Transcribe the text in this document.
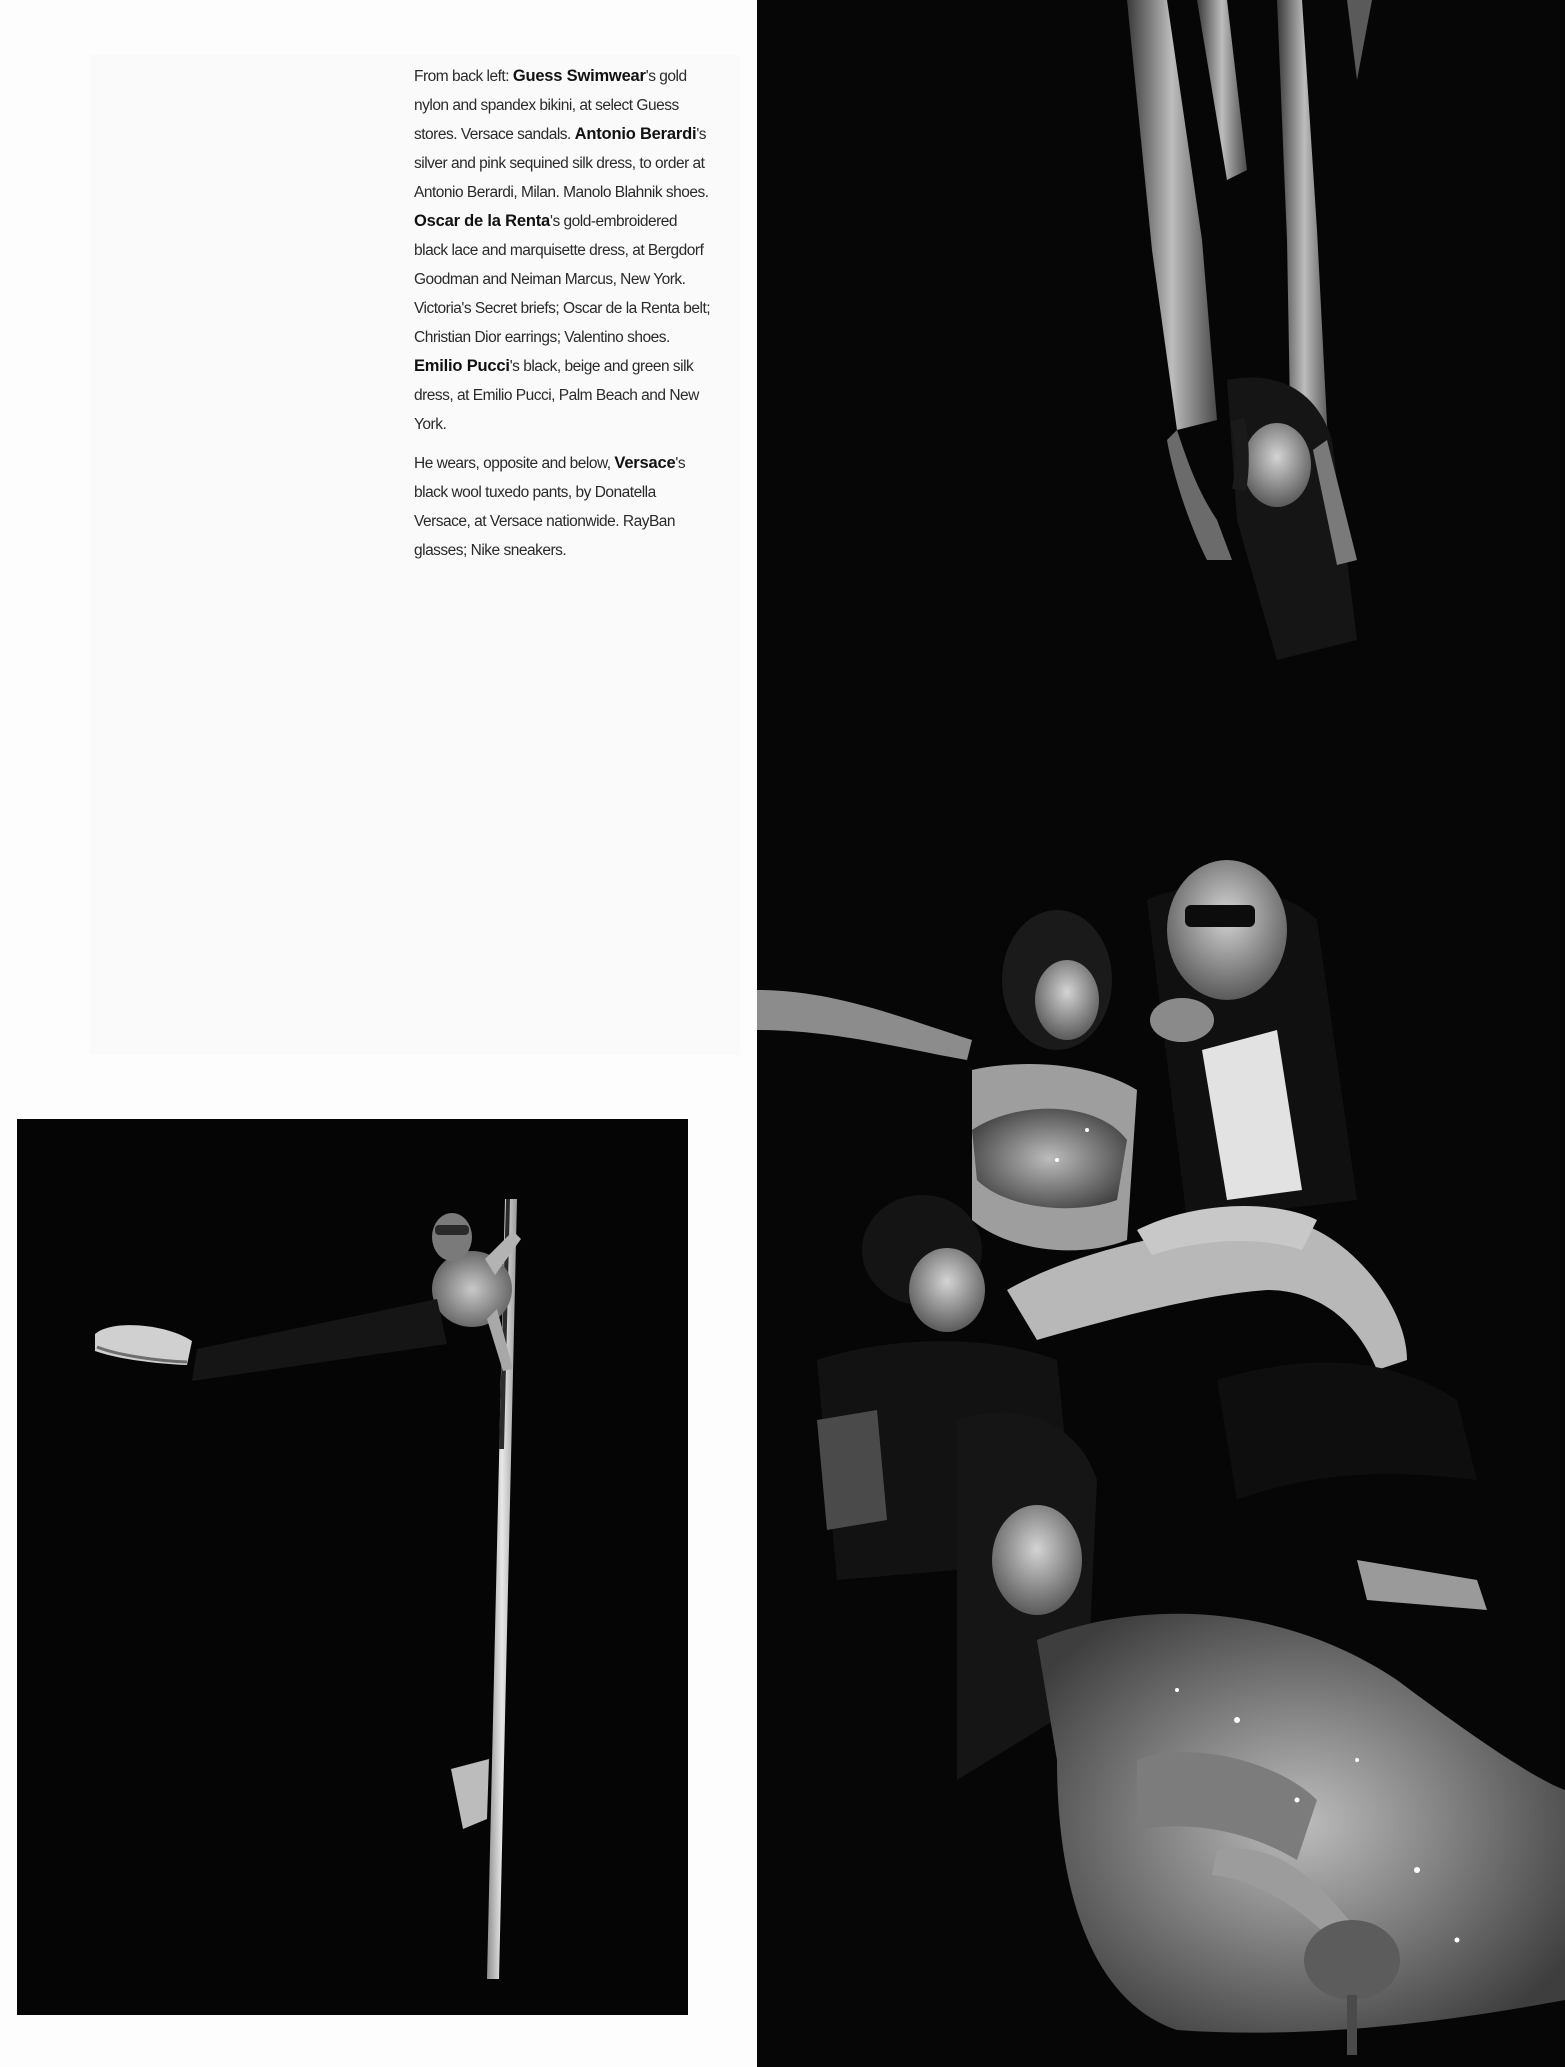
From back left: Guess Swimwear's gold nylon and spandex bikini, at select Guess stores. Versace sandals. Antonio Berardi's silver and pink sequined silk dress, to order at Antonio Berardi, Milan. Manolo Blahnik shoes. Oscar de la Renta's gold-embroidered black lace and marquisette dress, at Bergdorf Goodman and Neiman Marcus, New York. Victoria's Secret briefs; Oscar de la Renta belt; Christian Dior earrings; Valentino shoes. Emilio Pucci's black, beige and green silk dress, at Emilio Pucci, Palm Beach and New York.

He wears, opposite and below, Versace's black wool tuxedo pants, by Donatella Versace, at Versace nationwide. RayBan glasses; Nike sneakers.
